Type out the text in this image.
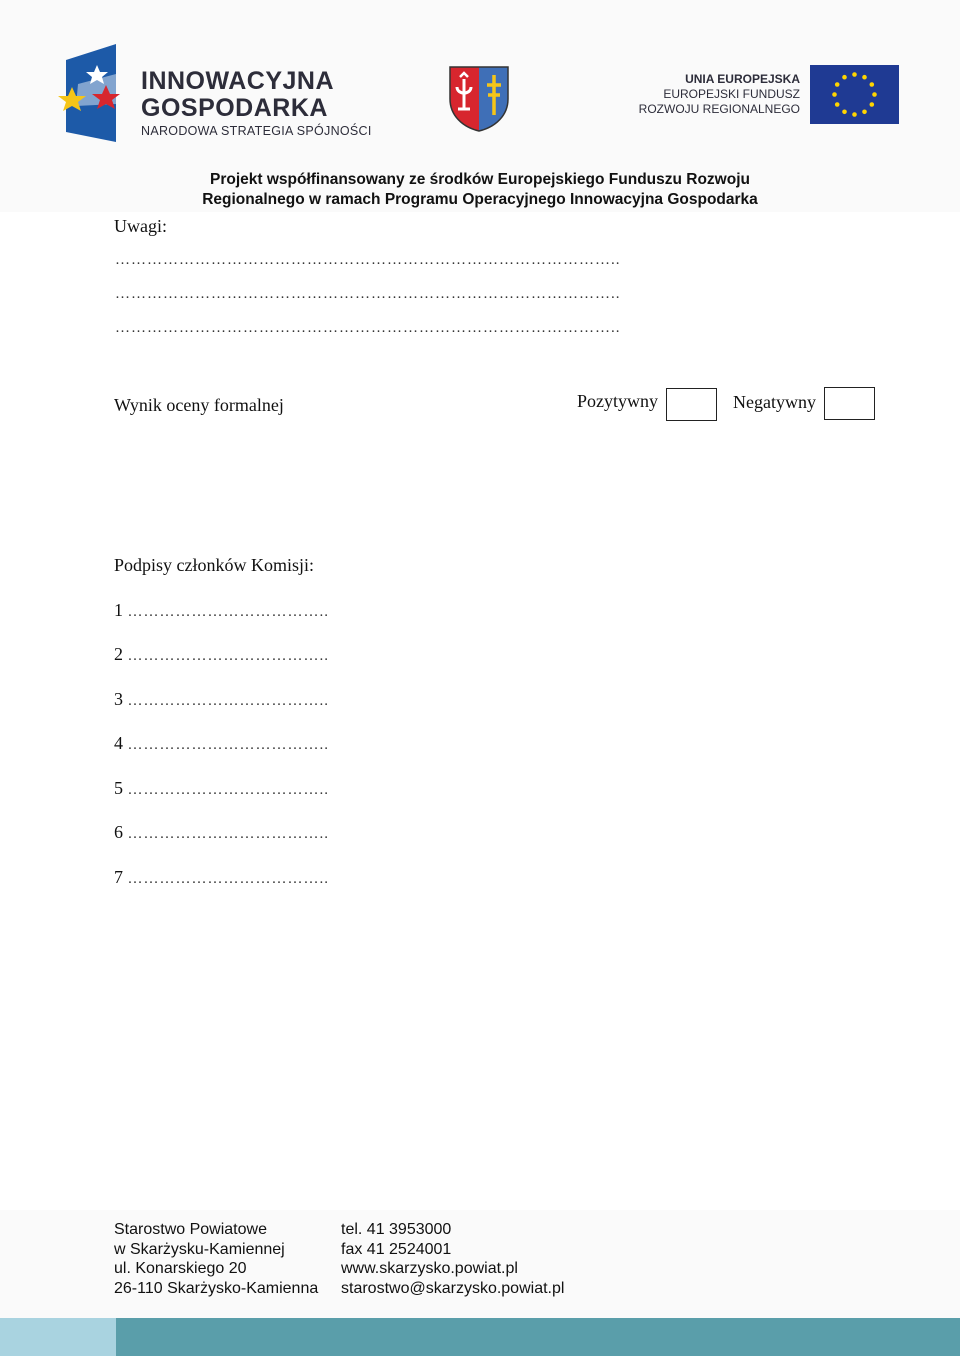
INNOWACYJNA
GOSPODARKA
NARODOWA STRATEGIA SPÓJNOŚCI
UNIA EUROPEJSKA
EUROPEJSKI FUNDUSZ
ROZWOJU REGIONALNEGO
Projekt współfinansowany ze środków Europejskiego Funduszu Rozwoju
Regionalnego w ramach Programu Operacyjnego Innowacyjna Gospodarka
Uwagi:
…………………………………………………………………………………..
…………………………………………………………………………………..
…………………………………………………………………………………..
Wynik oceny formalnej	Pozytywny	Negatywny
Podpisy członków Komisji:
1 ………………………………..
2 ………………………………..
3 ………………………………..
4 ………………………………..
5 ………………………………..
6 ………………………………..
7 ………………………………..
Starostwo Powiatowe
w Skarżysku-Kamiennej
ul. Konarskiego 20
26-110 Skarżysko-Kamienna
tel. 41 3953000
fax 41 2524001
www.skarzysko.powiat.pl
starostwo@skarzysko.powiat.pl
